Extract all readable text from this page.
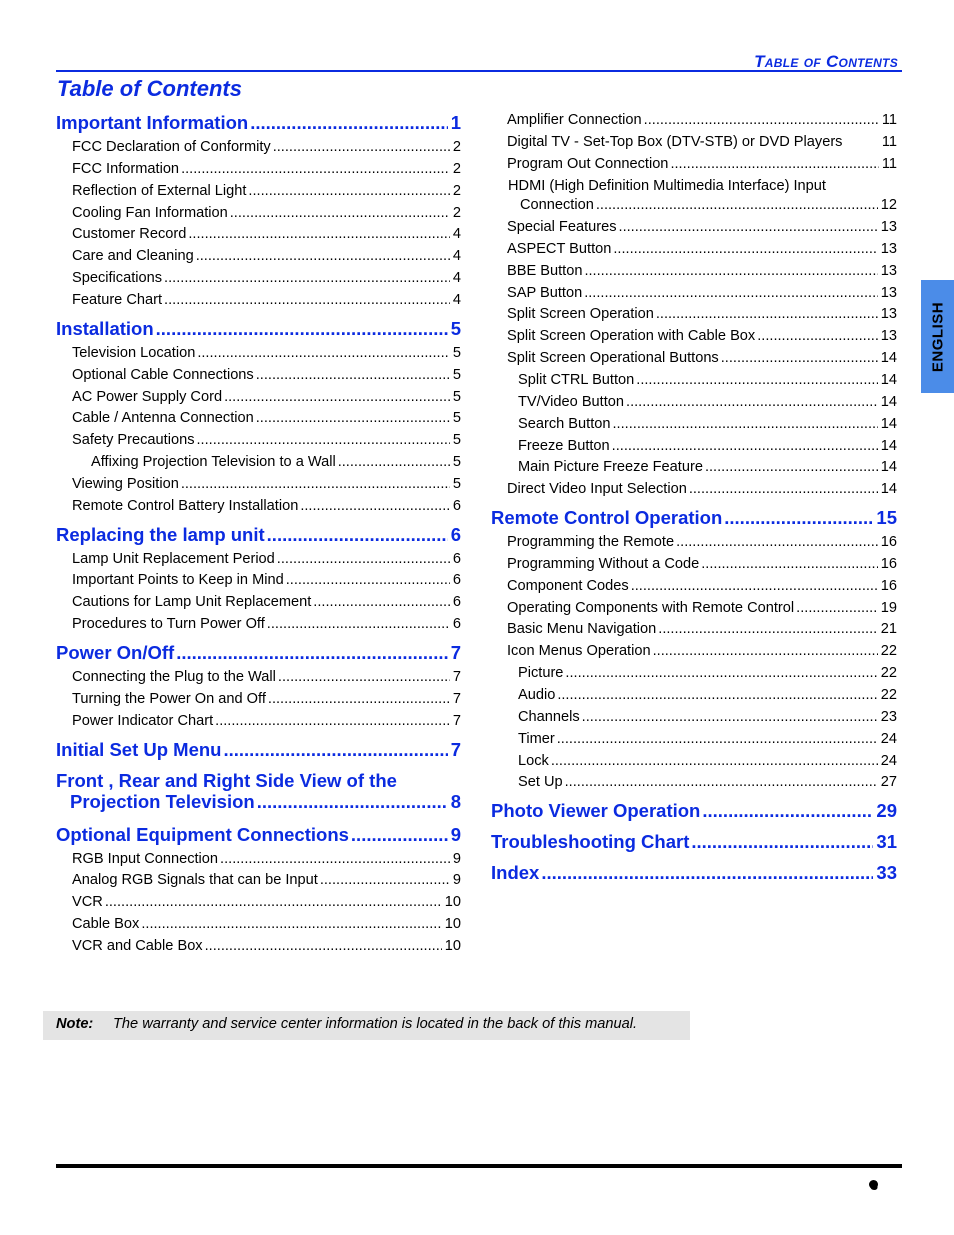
Table of Contents
Table of Contents
ENGLISH
Note: The warranty and service center information is located in the back of this manual.
Important Information .....	1
FCC Declaration of Conformity .....	2
FCC Information .....	2
Reflection of External Light .....	2
Cooling Fan Information .....	2
Customer Record .....	4
Care and Cleaning .....	4
Specifications .....	4
Feature Chart .....	4
Installation .....	5
Television Location .....	5
Optional Cable Connections .....	5
AC Power Supply Cord .....	5
Cable / Antenna Connection .....	5
Safety Precautions .....	5
Affixing Projection Television to a Wall .....	5
Viewing Position .....	5
Remote Control Battery Installation .....	6
Replacing the lamp unit .....	6
Lamp Unit Replacement Period .....	6
Important Points to Keep in Mind .....	6
Cautions for Lamp Unit Replacement .....	6
Procedures to Turn Power Off .....	6
Power On/Off .....	7
Connecting the Plug to the Wall .....	7
Turning the Power On and Off .....	7
Power Indicator Chart .....	7
Initial Set Up Menu .....	7
Front , Rear and Right Side View of the
Projection Television .....	8
Optional Equipment Connections .....	9
RGB Input Connection .....	9
Analog RGB Signals that can be Input .....	9
VCR .....	10
Cable Box .....	10
VCR and Cable Box .....	10
Amplifier Connection .....	11
Digital TV - Set-Top Box (DTV-STB) or DVD Players	11
Program Out Connection .....	11
HDMI (High Definition Multimedia Interface) Input
Connection .....	12
Special Features .....	13
ASPECT Button .....	13
BBE Button .....	13
SAP Button .....	13
Split Screen Operation .....	13
Split Screen Operation with Cable Box .....	13
Split Screen Operational Buttons .....	14
Split CTRL Button .....	14
TV/Video Button .....	14
Search Button .....	14
Freeze Button .....	14
Main Picture Freeze Feature .....	14
Direct Video Input Selection .....	14
Remote Control Operation .....	15
Programming the Remote .....	16
Programming Without a Code .....	16
Component Codes .....	16
Operating Components with Remote Control .....	19
Basic Menu Navigation .....	21
Icon Menus Operation .....	22
Picture .....	22
Audio .....	22
Channels .....	23
Timer .....	24
Lock .....	24
Set Up .....	27
Photo Viewer Operation .....	29
Troubleshooting Chart .....	31
Index .....	33
